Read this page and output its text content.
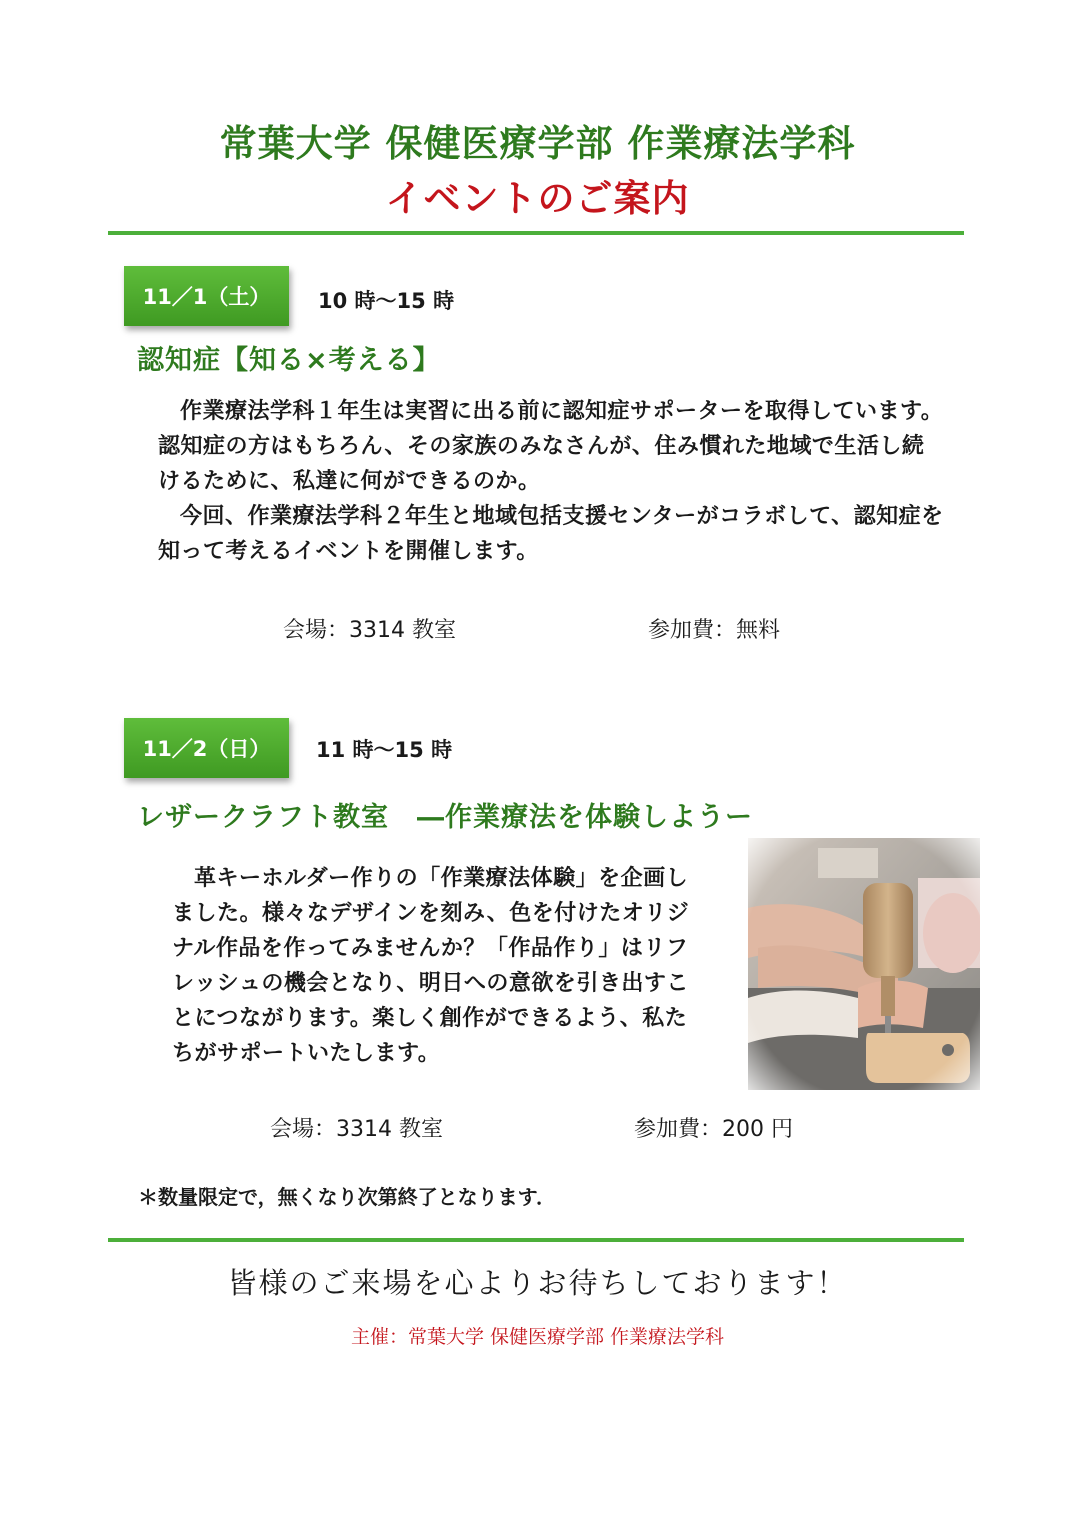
常葉大学 保健医療学部 作業療法学科
イベントのご案内
11／1（土） 10 時～15 時
認知症【知る×考える】

作業療法学科１年生は実習に出る前に認知症サポーターを取得しています。認知症の方はもちろん、その家族のみなさんが、住み慣れた地域で生活し続けるために、私達に何ができるのか。

今回、作業療法学科２年生と地域包括支援センターがコラボして、認知症を知って考えるイベントを開催します。

会場：3314 教室	参加費：無料
11／2（日） 11 時～15 時
レザークラフト教室　―作業療法を体験しようー

革キーホルダー作りの「作業療法体験」を企画しました。様々なデザインを刻み、色を付けたオリジナル作品を作ってみませんか？「作品作り」はリフレッシュの機会となり、明日への意欲を引き出すことにつながります。楽しく創作ができるよう、私たちがサポートいたします。

会場：3314 教室	参加費：200 円
＊数量限定で，無くなり次第終了となります．
皆様のご来場を心よりお待ちしております！
主催：常葉大学 保健医療学部 作業療法学科
